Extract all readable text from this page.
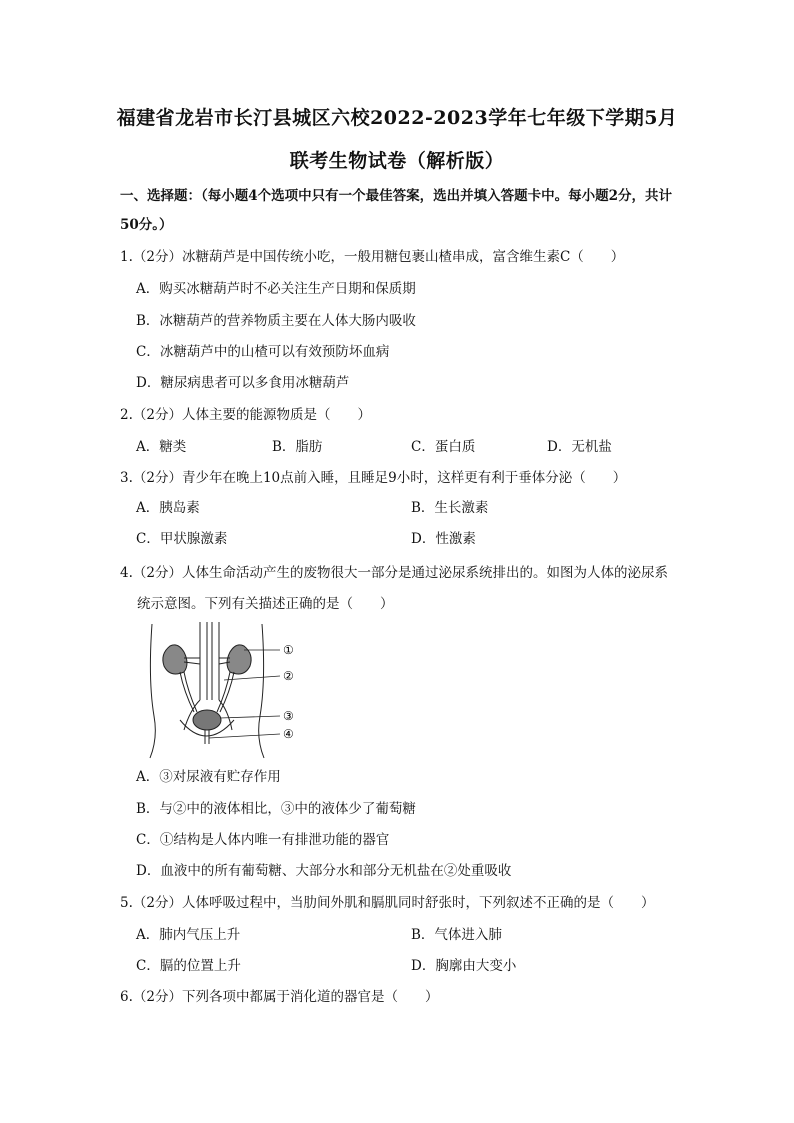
福建省龙岩市长汀县城区六校2022-2023学年七年级下学期5月
联考生物试卷（解析版）
一、选择题：（每小题4个选项中只有一个最佳答案，选出并填入答题卡中。每小题2分，共计50分。）
1.（2分）冰糖葫芦是中国传统小吃，一般用糖包裹山楂串成，富含维生素C（　　）
A．购买冰糖葫芦时不必关注生产日期和保质期
B．冰糖葫芦的营养物质主要在人体大肠内吸收
C．冰糖葫芦中的山楂可以有效预防坏血病
D．糖尿病患者可以多食用冰糖葫芦
2.（2分）人体主要的能源物质是（　　）
A．糖类	B．脂肪	C．蛋白质	D．无机盐
3.（2分）青少年在晚上10点前入睡，且睡足9小时，这样更有利于垂体分泌（　　）
A．胰岛素	B．生长激素
C．甲状腺激素	D．性激素
4.（2分）人体生命活动产生的废物很大一部分是通过泌尿系统排出的。如图为人体的泌尿系统示意图。下列有关描述正确的是（　　）
①
②
③
④
A．③对尿液有贮存作用
B．与②中的液体相比，③中的液体少了葡萄糖
C．①结构是人体内唯一有排泄功能的器官
D．血液中的所有葡萄糖、大部分水和部分无机盐在②处重吸收
5.（2分）人体呼吸过程中，当肋间外肌和膈肌同时舒张时，下列叙述不正确的是（　　）
A．肺内气压上升	B．气体进入肺
C．膈的位置上升	D．胸廓由大变小
6.（2分）下列各项中都属于消化道的器官是（　　）
